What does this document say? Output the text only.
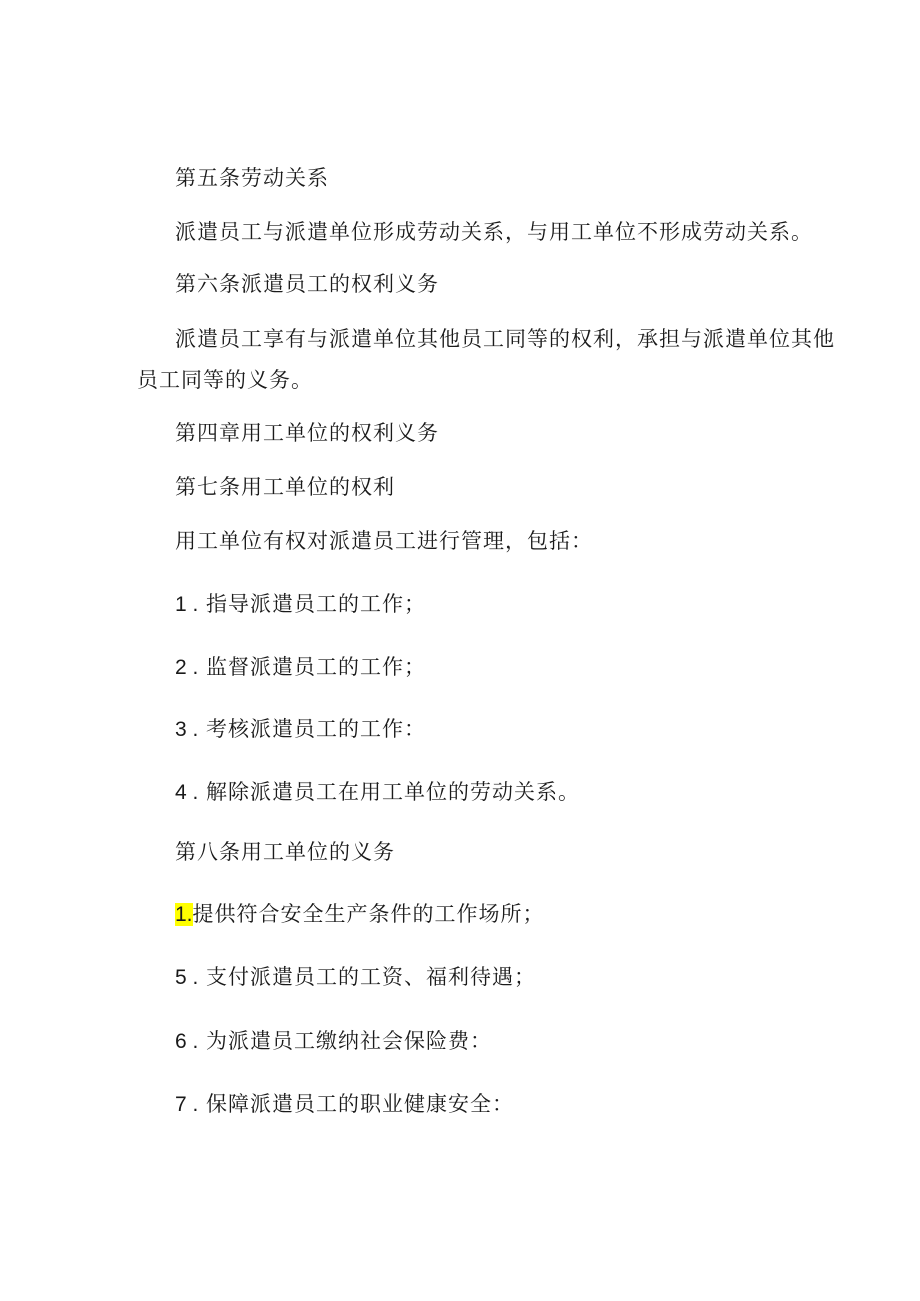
第五条劳动关系

派遣员工与派遣单位形成劳动关系，与用工单位不形成劳动关系。

第六条派遣员工的权利义务

派遣员工享有与派遣单位其他员工同等的权利，承担与派遣单位其他

员工同等的义务。

第四章用工单位的权利义务

第七条用工单位的权利

用工单位有权对派遣员工进行管理，包括：

1 . 指导派遣员工的工作；

2 . 监督派遣员工的工作；

3 . 考核派遣员工的工作：

4 . 解除派遣员工在用工单位的劳动关系。

第八条用工单位的义务

1.提供符合安全生产条件的工作场所；

5 . 支付派遣员工的工资、福利待遇；

6 . 为派遣员工缴纳社会保险费：

7 . 保障派遣员工的职业健康安全：
